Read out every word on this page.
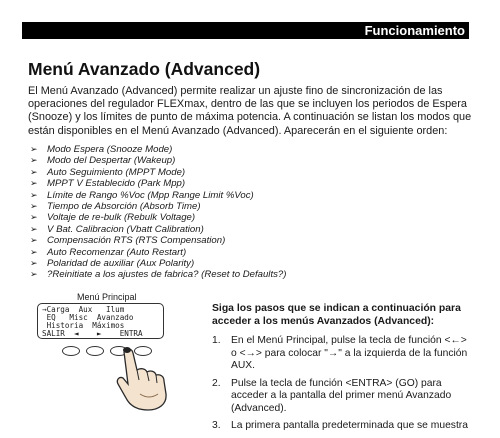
Funcionamiento
Menú Avanzado (Advanced)

El Menú Avanzado (Advanced) permite realizar un ajuste fino de sincronización de las operaciones del regulador FLEXmax, dentro de las que se incluyen los periodos de Espera (Snooze) y los límites de punto de máxima potencia. A continuación se listan los modos que están disponibles en el Menú Avanzado (Advanced). Aparecerán en el siguiente orden:

➢ Modo Espera (Snooze Mode)
➢ Modo del Despertar (Wakeup)
➢ Auto Seguimiento (MPPT Mode)
➢ MPPT V Establecido (Park Mpp)
➢ Límite de Rango %Voc (Mpp Range Limit %Voc)
➢ Tiempo de Absorción (Absorb Time)
➢ Voltaje de re-bulk (Rebulk Voltage)
➢ V Bat. Calibracion (Vbatt Calibration)
➢ Compensación RTS (RTS Compensation)
➢ Auto Recomenzar (Auto Restart)
➢ Polaridad de auxiliar (Aux Polarity)
➢ ?Reinitiate a los ajustes de fabrica? (Reset to Defaults?)
Menú Principal
→Carga  Aux   Ilum
EQ   Misc  Avanzado
Historia  Máximos
SALIR  ◄    ►    ENTRA

Siga los pasos que se indican a continuación para acceder a los menús Avanzados (Advanced):

1. En el Menú Principal, pulse la tecla de función <←> o <→> para colocar "→" a la izquierda de la función AUX.
2. Pulse la tecla de función <ENTRA> (GO) para acceder a la pantalla del primer menú Avanzado (Advanced).
3. La primera pantalla predeterminada que se muestra
